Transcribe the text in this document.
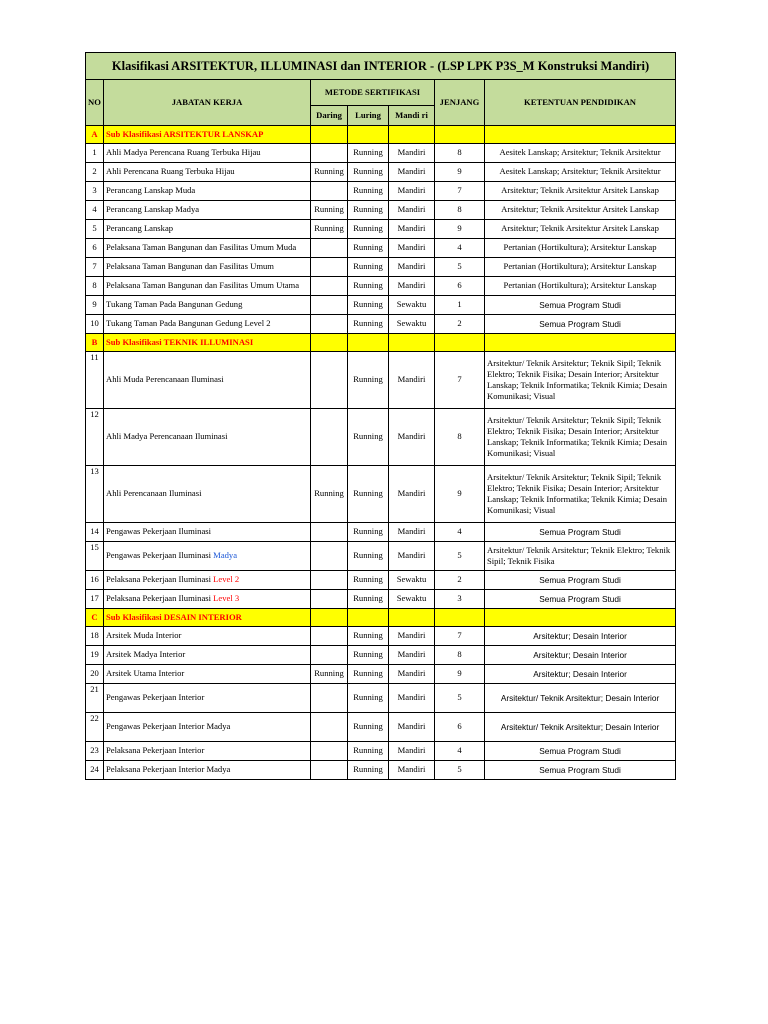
Klasifikasi ARSITEKTUR, ILLUMINASI dan INTERIOR - (LSP LPK P3S_M Konstruksi Mandiri)						
NO	JABATAN KERJA	METODE SERTIFIKASI			JENJANG	KETENTUAN PENDIDIKAN
		Daring	Luring	Mandi ri		
A	Sub Klasifikasi ARSITEKTUR LANSKAP					
1	Ahli Madya Perencana Ruang Terbuka Hijau		Running	Mandiri	8	Aesitek Lanskap; Arsitektur; Teknik Arsitektur
2	Ahli Perencana Ruang Terbuka Hijau	Running	Running	Mandiri	9	Aesitek Lanskap; Arsitektur; Teknik Arsitektur
3	Perancang Lanskap Muda		Running	Mandiri	7	Arsitektur; Teknik Arsitektur Arsitek Lanskap
4	Perancang Lanskap Madya	Running	Running	Mandiri	8	Arsitektur; Teknik Arsitektur Arsitek Lanskap
5	Perancang Lanskap	Running	Running	Mandiri	9	Arsitektur; Teknik Arsitektur Arsitek Lanskap
6	Pelaksana Taman Bangunan dan Fasilitas Umum Muda		Running	Mandiri	4	Pertanian (Hortikultura); Arsitektur Lanskap
7	Pelaksana Taman Bangunan dan Fasilitas Umum		Running	Mandiri	5	Pertanian (Hortikultura); Arsitektur Lanskap
8	Pelaksana Taman Bangunan dan Fasilitas Umum Utama		Running	Mandiri	6	Pertanian (Hortikultura); Arsitektur Lanskap
9	Tukang Taman Pada Bangunan Gedung		Running	Sewaktu	1	Semua Program Studi
10	Tukang Taman Pada Bangunan Gedung Level 2		Running	Sewaktu	2	Semua Program Studi
B	Sub Klasifikasi TEKNIK ILLUMINASI					
11	Ahli Muda Perencanaan Iluminasi		Running	Mandiri	7	Arsitektur/ Teknik Arsitektur; Teknik Sipil; Teknik Elektro; Teknik Fisika; Desain Interior; Arsitektur Lanskap; Teknik Informatika; Teknik Kimia; Desain Komunikasi; Visual
12	Ahli Madya Perencanaan Iluminasi		Running	Mandiri	8	Arsitektur/ Teknik Arsitektur; Teknik Sipil; Teknik Elektro; Teknik Fisika; Desain Interior; Arsitektur Lanskap; Teknik Informatika; Teknik Kimia; Desain Komunikasi; Visual
13	Ahli Perencanaan Iluminasi	Running	Running	Mandiri	9	Arsitektur/ Teknik Arsitektur; Teknik Sipil; Teknik Elektro; Teknik Fisika; Desain Interior; Arsitektur Lanskap; Teknik Informatika; Teknik Kimia; Desain Komunikasi; Visual
14	Pengawas Pekerjaan Iluminasi		Running	Mandiri	4	Semua Program Studi
15	Pengawas Pekerjaan Iluminasi Madya		Running	Mandiri	5	Arsitektur/ Teknik Arsitektur; Teknik Elektro; Teknik Sipil; Teknik Fisika
16	Pelaksana Pekerjaan Iluminasi Level 2		Running	Sewaktu	2	Semua Program Studi
17	Pelaksana Pekerjaan Iluminasi Level 3		Running	Sewaktu	3	Semua Program Studi
C	Sub Klasifikasi DESAIN INTERIOR					
18	Arsitek Muda Interior		Running	Mandiri	7	Arsitektur; Desain Interior
19	Arsitek Madya Interior		Running	Mandiri	8	Arsitektur; Desain Interior
20	Arsitek Utama Interior	Running	Running	Mandiri	9	Arsitektur; Desain Interior
21	Pengawas Pekerjaan Interior		Running	Mandiri	5	Arsitektur/ Teknik Arsitektur; Desain Interior
22	Pengawas Pekerjaan Interior Madya		Running	Mandiri	6	Arsitektur/ Teknik Arsitektur; Desain Interior
23	Pelaksana Pekerjaan Interior		Running	Mandiri	4	Semua Program Studi
24	Pelaksana Pekerjaan Interior Madya		Running	Mandiri	5	Semua Program Studi
